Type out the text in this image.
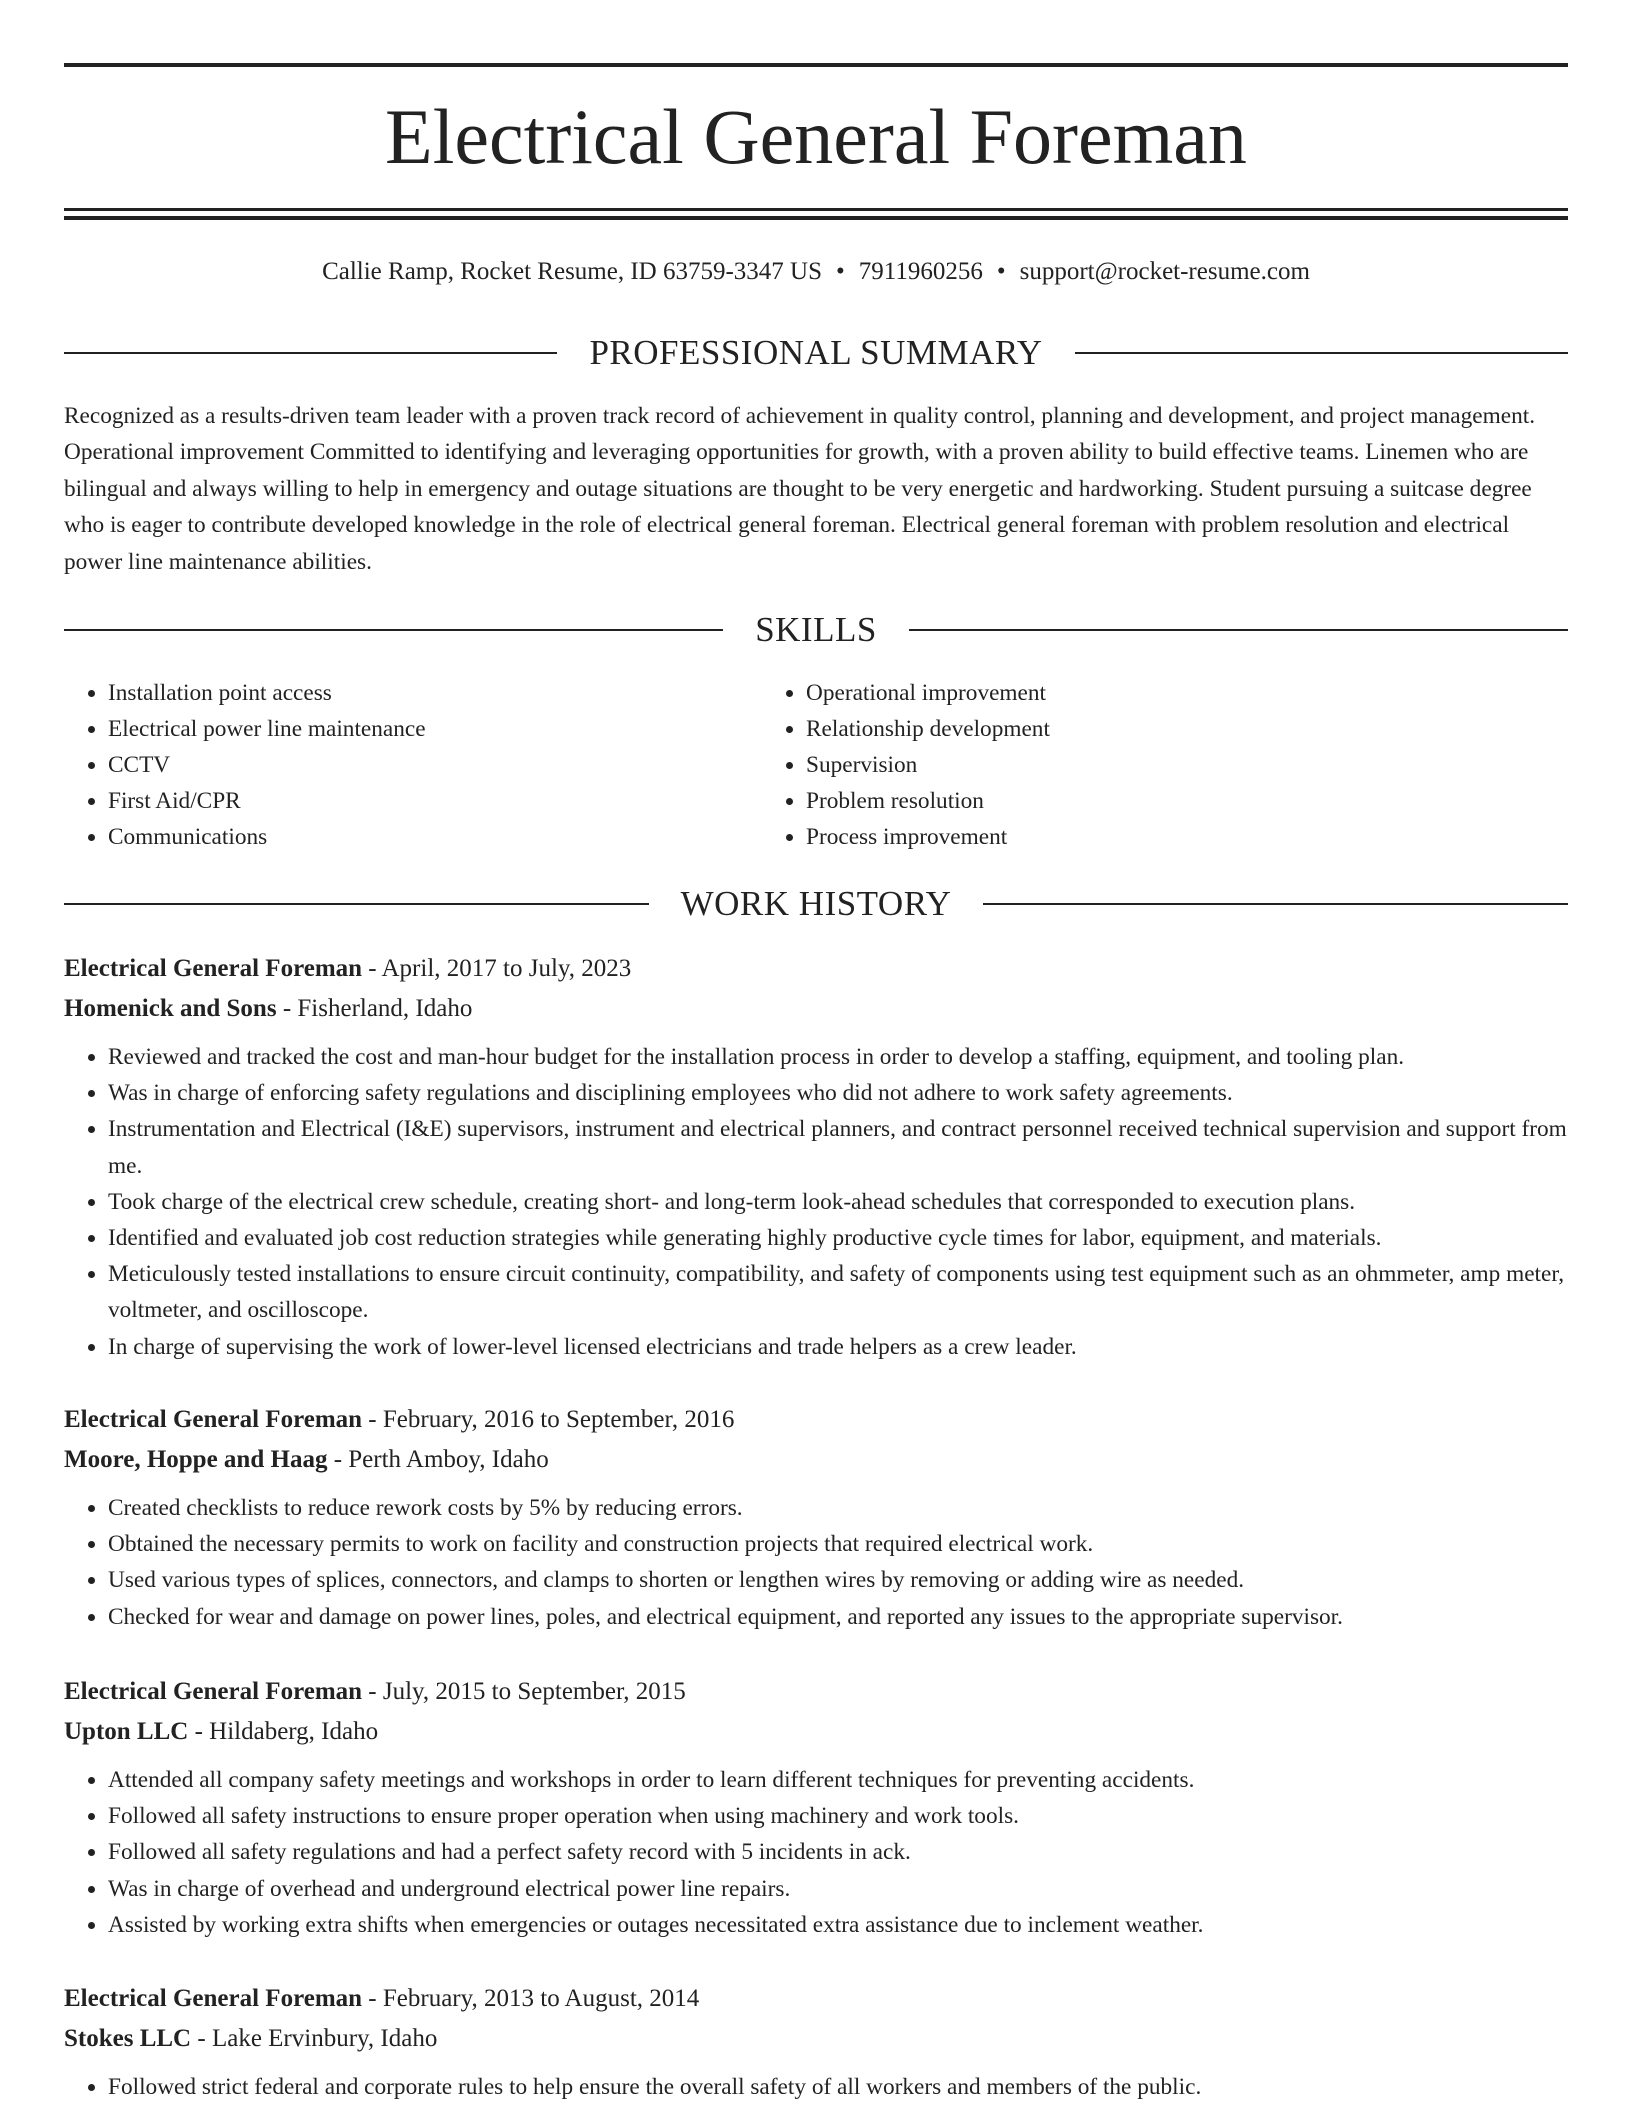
Electrical General Foreman
Callie Ramp, Rocket Resume, ID 63759-3347 US • 7911960256 • support@rocket-resume.com
PROFESSIONAL SUMMARY

Recognized as a results-driven team leader with a proven track record of achievement in quality control, planning and development, and project management. Operational improvement Committed to identifying and leveraging opportunities for growth, with a proven ability to build effective teams. Linemen who are bilingual and always willing to help in emergency and outage situations are thought to be very energetic and hardworking. Student pursuing a suitcase degree who is eager to contribute developed knowledge in the role of electrical general foreman. Electrical general foreman with problem resolution and electrical power line maintenance abilities.

SKILLS
• Installation point access
• Electrical power line maintenance
• CCTV
• First Aid/CPR
• Communications
• Operational improvement
• Relationship development
• Supervision
• Problem resolution
• Process improvement
WORK HISTORY
Electrical General Foreman - April, 2017 to July, 2023
Homenick and Sons - Fisherland, Idaho
• Reviewed and tracked the cost and man-hour budget for the installation process in order to develop a staffing, equipment, and tooling plan.
• Was in charge of enforcing safety regulations and disciplining employees who did not adhere to work safety agreements.
• Instrumentation and Electrical (I&E) supervisors, instrument and electrical planners, and contract personnel received technical supervision and support from me.
• Took charge of the electrical crew schedule, creating short- and long-term look-ahead schedules that corresponded to execution plans.
• Identified and evaluated job cost reduction strategies while generating highly productive cycle times for labor, equipment, and materials.
• Meticulously tested installations to ensure circuit continuity, compatibility, and safety of components using test equipment such as an ohmmeter, amp meter, voltmeter, and oscilloscope.
• In charge of supervising the work of lower-level licensed electricians and trade helpers as a crew leader.
Electrical General Foreman - February, 2016 to September, 2016
Moore, Hoppe and Haag - Perth Amboy, Idaho
• Created checklists to reduce rework costs by 5% by reducing errors.
• Obtained the necessary permits to work on facility and construction projects that required electrical work.
• Used various types of splices, connectors, and clamps to shorten or lengthen wires by removing or adding wire as needed.
• Checked for wear and damage on power lines, poles, and electrical equipment, and reported any issues to the appropriate supervisor.
Electrical General Foreman - July, 2015 to September, 2015
Upton LLC - Hildaberg, Idaho
• Attended all company safety meetings and workshops in order to learn different techniques for preventing accidents.
• Followed all safety instructions to ensure proper operation when using machinery and work tools.
• Followed all safety regulations and had a perfect safety record with 5 incidents in ack.
• Was in charge of overhead and underground electrical power line repairs.
• Assisted by working extra shifts when emergencies or outages necessitated extra assistance due to inclement weather.
Electrical General Foreman - February, 2013 to August, 2014
Stokes LLC - Lake Ervinbury, Idaho
• Followed strict federal and corporate rules to help ensure the overall safety of all workers and members of the public.
